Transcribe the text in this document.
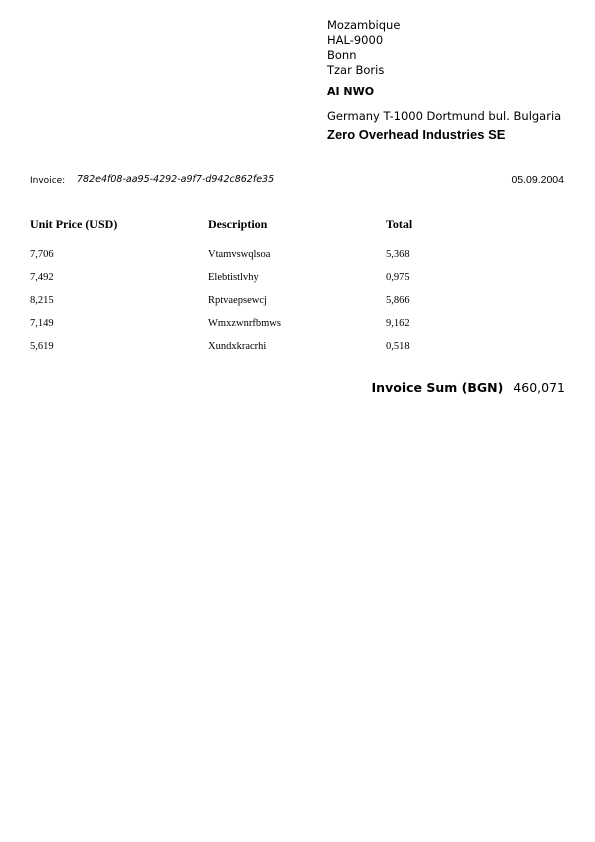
Mozambique
HAL-9000
Bonn
Tzar Boris
AI NWO
Germany T-1000 Dortmund bul. Bulgaria
Zero Overhead Industries SE
Invoice: 782e4f08-aa95-4292-a9f7-d942c862fe35	05.09.2004
Unit Price (USD)	Description	Total
7,706	Vtamvswqlsoa	5,368
7,492	Elebtistlvhy	0,975
8,215	Rptvaepsewcj	5,866
7,149	Wmxzwnrfbmws	9,162
5,619	Xundxkracrhi	0,518
Invoice Sum (BGN) 460,071
